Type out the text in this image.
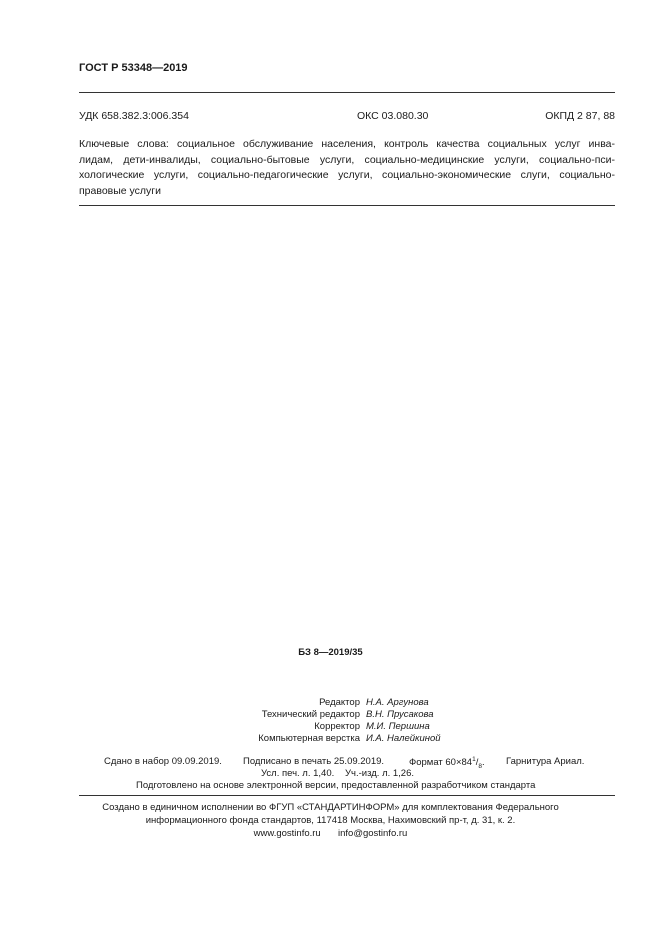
ГОСТ Р 53348—2019
УДК 658.382.3:006.354	ОКС 03.080.30	ОКПД 2 87, 88
Ключевые слова: социальное обслуживание населения, контроль качества социальных услуг инва-
лидам, дети-инвалиды, социально-бытовые услуги, социально-медицинские услуги, социально-пси-
хологические услуги, социально-педагогические услуги, социально-экономические слуги, социально-
правовые услуги
БЗ 8—2019/35
Редактор Н.А. Аргунова
Технический редактор В.Н. Прусакова
Корректор М.И. Першина
Компьютерная верстка И.А. Налейкиной
Сдано в набор 09.09.2019. Подписано в печать 25.09.2019.	Формат $60\times 84^1/_8$. Гарнитура Ариал.
Усл. печ. л. 1,40. Уч.-изд. л. 1,26.
Подготовлено на основе электронной версии, предоставленной разработчиком стандарта
Создано в единичном исполнении во ФГУП «СТАНДАРТИНФОРМ» для комплектования Федерального
информационного фонда стандартов, 117418 Москва, Нахимовский пр-т, д. 31, к. 2.
www.gostinfo.ru info@gostinfo.ru
